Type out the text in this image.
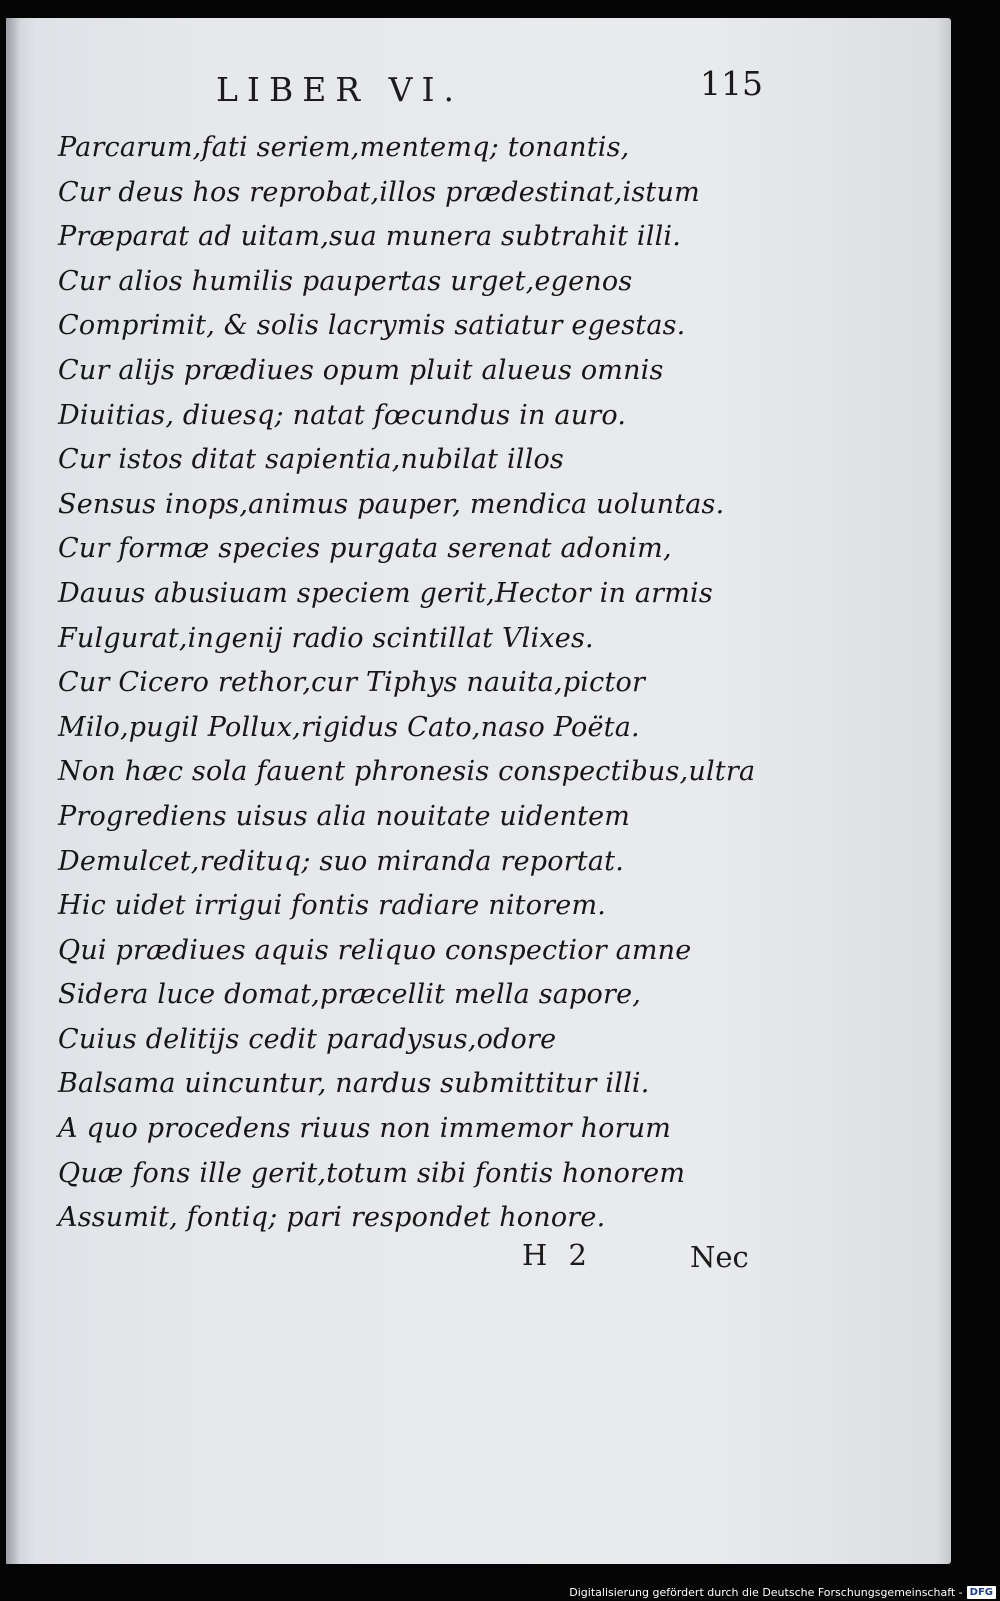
LIBER VI.	115
Parcarum,fati seriem,mentemq; tonantis,
Cur deus hos reprobat,illos prædestinat,istum
Præparat ad uitam,sua munera subtrahit illi.
Cur alios humilis paupertas urget,egenos
Comprimit, & solis lacrymis satiatur egestas.
Cur alijs prædiues opum pluit alueus omnis
Diuitias, diuesq; natat fœcundus in auro.
Cur istos ditat sapientia,nubilat illos
Sensus inops,animus pauper, mendica uoluntas.
Cur formæ species purgata serenat adonim,
Dauus abusiuam speciem gerit,Hector in armis
Fulgurat,ingenij radio scintillat Vlixes.
Cur Cicero rethor,cur Tiphys nauita,pictor
Milo,pugil Pollux,rigidus Cato,naso Poëta.
Non hæc sola fauent phronesis conspectibus,ultra
Progrediens uisus alia nouitate uidentem
Demulcet,redituq; suo miranda reportat.
Hic uidet irrigui fontis radiare nitorem.
Qui prædiues aquis reliquo conspectior amne
Sidera luce domat,præcellit mella sapore,
Cuius delitijs cedit paradysus,odore
Balsama uincuntur, nardus submittitur illi.
A quo procedens riuus non immemor horum
Quæ fons ille gerit,totum sibi fontis honorem
Assumit, fontiq; pari respondet honore.
H 2	Nec
Digitalisierung gefördert durch die Deutsche Forschungsgemeinschaft - DFG
